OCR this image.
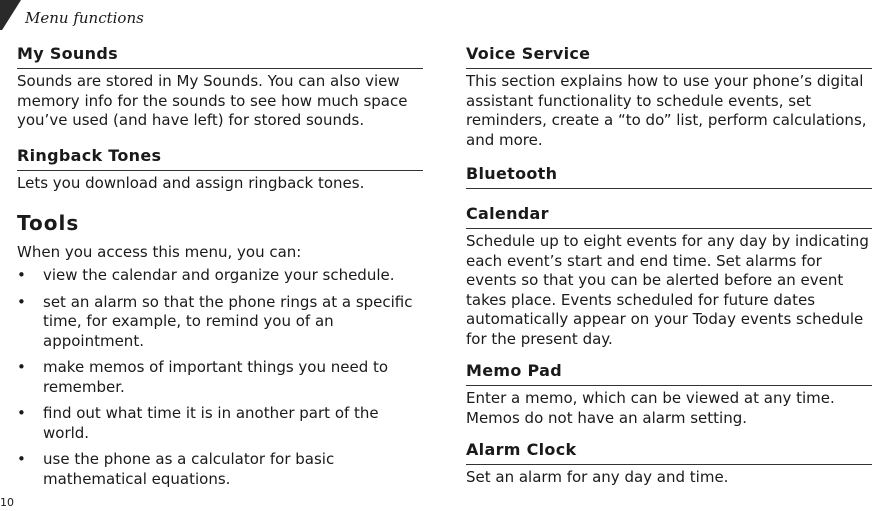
Menu functions
10
My Sounds

Sounds are stored in My Sounds. You can also view memory info for the sounds to see how much space you’ve used (and have left) for stored sounds.

Ringback Tones

Lets you download and assign ringback tones.

Tools

When you access this menu, you can:

• view the calendar and organize your schedule.
• set an alarm so that the phone rings at a specific time, for example, to remind you of an appointment.
• make memos of important things you need to remember.
• find out what time it is in another part of the world.
• use the phone as a calculator for basic mathematical equations.
Voice Service

This section explains how to use your phone’s digital assistant functionality to schedule events, set reminders, create a “to do” list, perform calculations, and more.

Bluetooth
Calendar

Schedule up to eight events for any day by indicating each event’s start and end time. Set alarms for events so that you can be alerted before an event takes place. Events scheduled for future dates automatically appear on your Today events schedule for the present day.

Memo Pad

Enter a memo, which can be viewed at any time. Memos do not have an alarm setting.

Alarm Clock

Set an alarm for any day and time.
